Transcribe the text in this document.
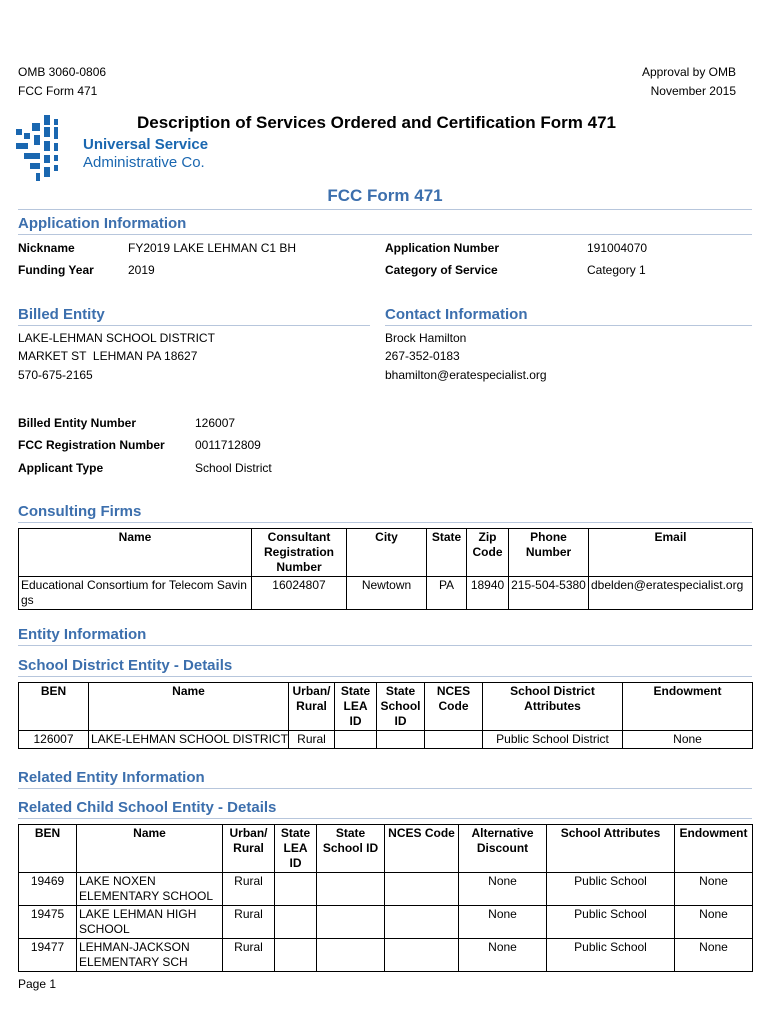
OMB 3060-0806
FCC Form 471
Approval by OMB
November 2015
Universal Service
Administrative Co.
Description of Services Ordered and Certification Form 471
FCC Form 471
Application Information
Nickname	FY2019 LAKE LEHMAN C1 BH	Application Number	191004070
Funding Year	2019	Category of Service	Category 1
Billed Entity
LAKE-LEHMAN SCHOOL DISTRICT
MARKET ST  LEHMAN PA 18627
570-675-2165
Contact Information
Brock Hamilton
267-352-0183
bhamilton@eratespecialist.org
Billed Entity Number	126007
FCC Registration Number	0011712809
Applicant Type	School District
Consulting Firms
Name	Consultant Registration Number	City	State	Zip Code	Phone Number	Email
Educational Consortium for Telecom Savings	16024807	Newtown	PA	18940	215-504-5380	dbelden@eratespecialist.org
Entity Information
School District Entity - Details
BEN	Name	Urban/ Rural	State LEA ID	State School ID	NCES Code	School District Attributes	Endowment
126007	LAKE-LEHMAN SCHOOL DISTRICT	Rural				Public School District	None
Related Entity Information
Related Child School Entity - Details
BEN	Name	Urban/ Rural	State LEA ID	State School ID	NCES Code	Alternative Discount	School Attributes	Endowment
19469	LAKE NOXEN ELEMENTARY SCHOOL	Rural				None	Public School	None
19475	LAKE LEHMAN HIGH SCHOOL	Rural				None	Public School	None
19477	LEHMAN-JACKSON ELEMENTARY SCH	Rural				None	Public School	None
Page 1
